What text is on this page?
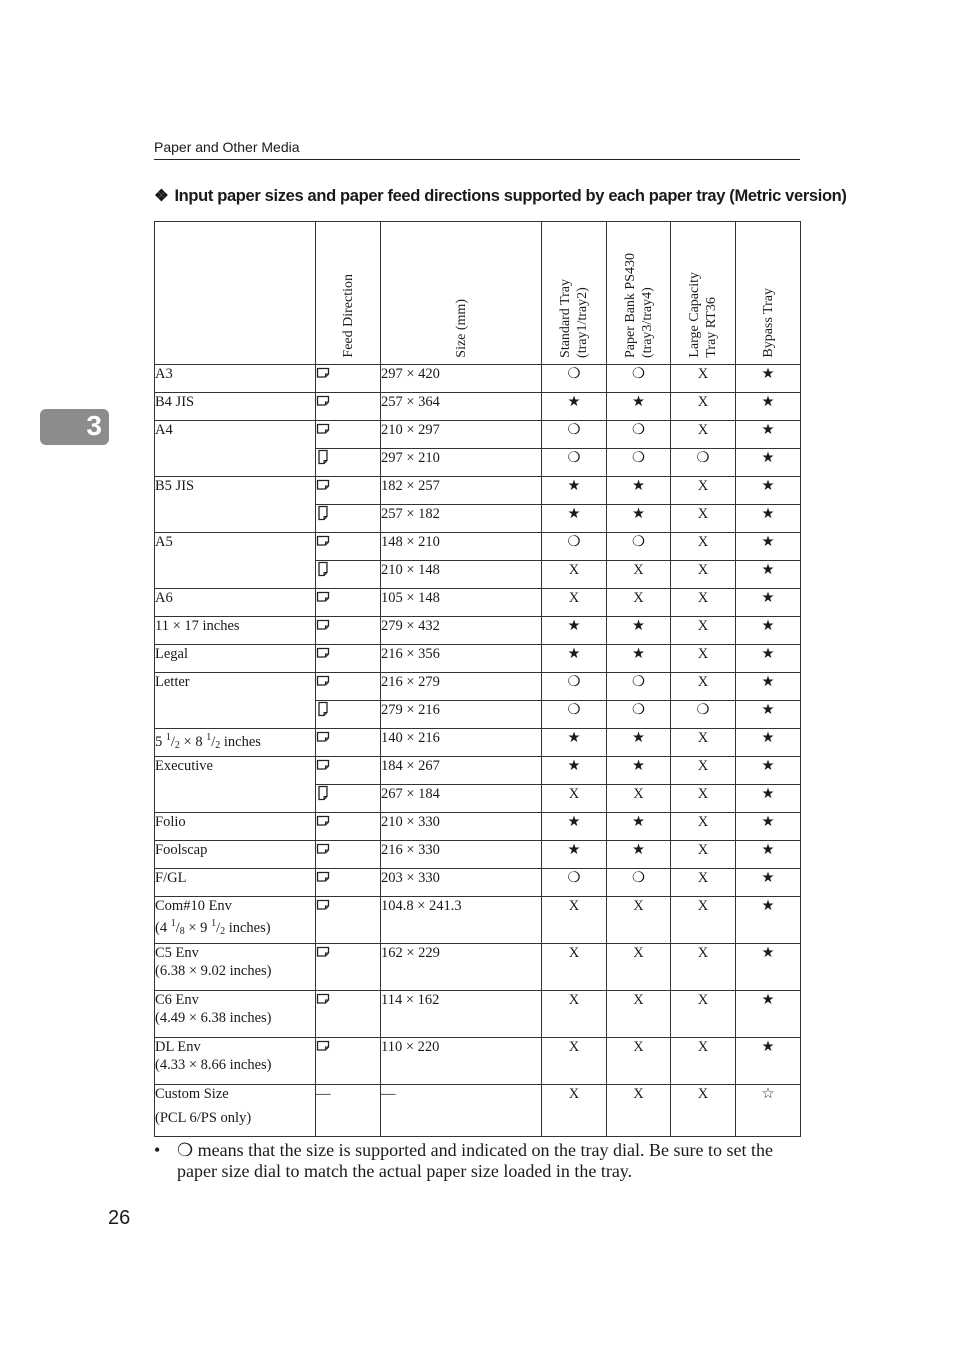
Paper and Other Media
3
❖ Input paper sizes and paper feed directions supported by each paper tray (Metric version)

	Feed Direction	Size (mm)	Standard Tray (tray1/tray2)	Paper Bank PS430 (tray3/tray4)	Large Capacity Tray RT36	Bypass Tray

A3		297 × 420	❍	❍	X	★
B4 JIS		257 × 364	★	★	X	★
A4		210 × 297	❍	❍	X	★
		297 × 210	❍	❍	❍	★
B5 JIS		182 × 257	★	★	X	★
		257 × 182	★	★	X	★
A5		148 × 210	❍	❍	X	★
		210 × 148	X	X	X	★
A6		105 × 148	X	X	X	★
11 × 17 inches		279 × 432	★	★	X	★
Legal		216 × 356	★	★	X	★
Letter		216 × 279	❍	❍	X	★
		279 × 216	❍	❍	❍	★
5 $^1/_2 \times 8$ $^1/_2$ inches		140 × 216	★	★	X	★
Executive		184 × 267	★	★	X	★
		267 × 184	X	X	X	★
Folio		210 × 330	★	★	X	★
Foolscap		216 × 330	★	★	X	★
F/GL		203 × 330	❍	❍	X	★
Com#10 Env
(4 $^1/_8 \times 9$ $^1/_2$ inches)		104.8 × 241.3	X	X	X	★
C5 Env
(6.38 × 9.02 inches)		162 × 229	X	X	X	★
C6 Env
(4.49 × 6.38 inches)		114 × 162	X	X	X	★
DL Env
(4.33 × 8.66 inches)		110 × 220	X	X	X	★
Custom Size
(PCL 6/PS only)	—	—	X	X	X	☆
• ❍ means that the size is supported and indicated on the tray dial. Be sure to set the paper size dial to match the actual paper size loaded in the tray.
26
